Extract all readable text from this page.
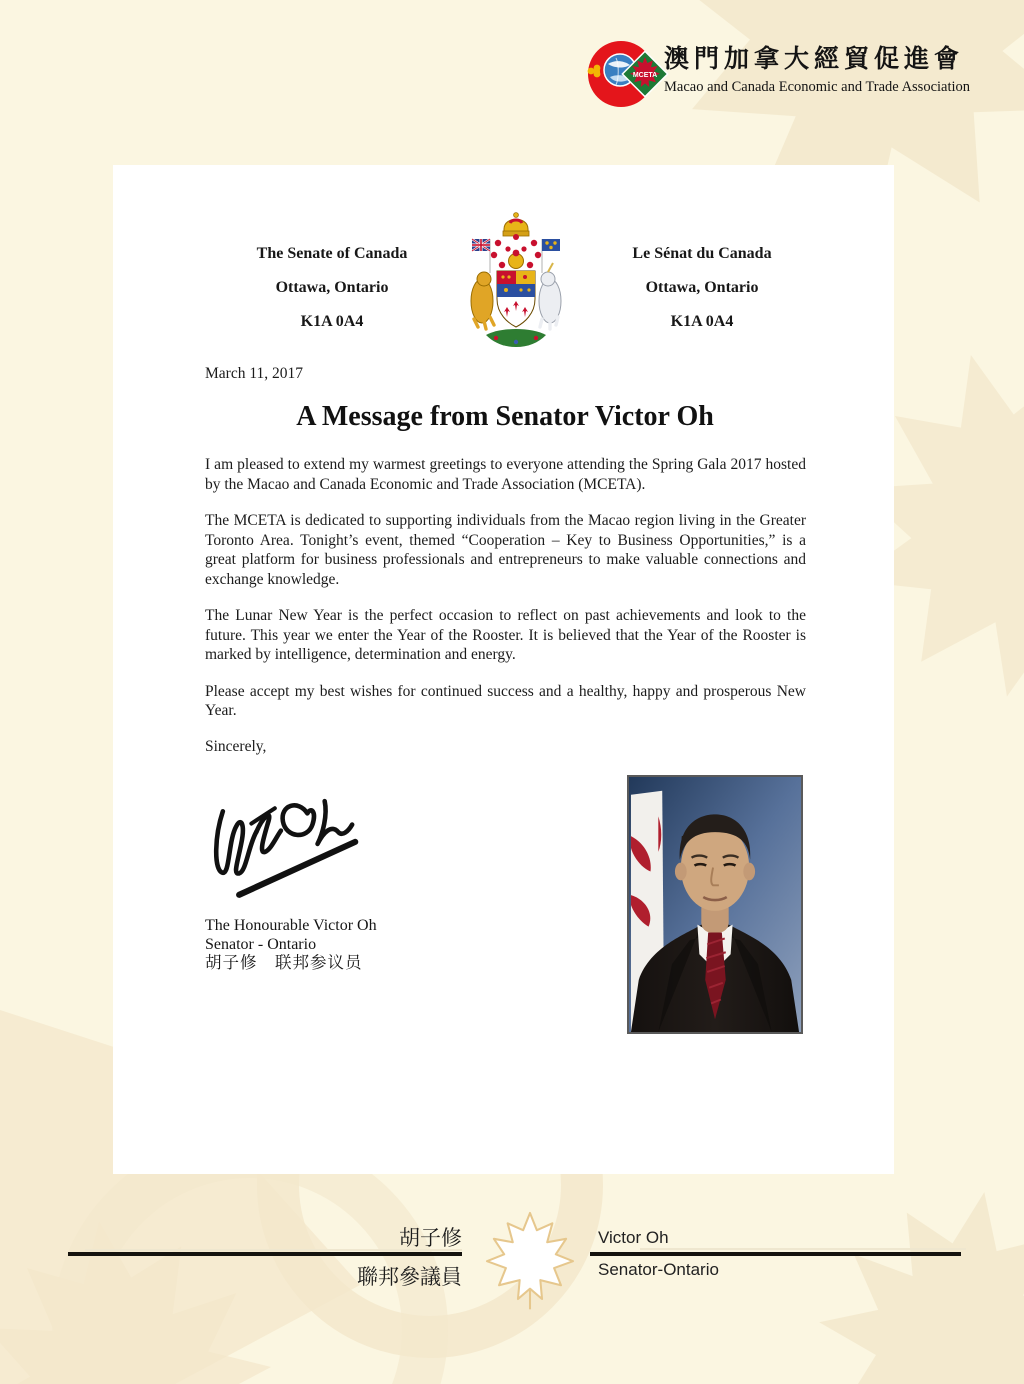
MCETA
澳門加拿大經貿促進會
Macao and Canada Economic and Trade Association
The Senate of Canada
Ottawa, Ontario
K1A 0A4
Le Sénat du Canada
Ottawa, Ontario
K1A 0A4
March 11, 2017
A Message from Senator Victor Oh

I am pleased to extend my warmest greetings to everyone attending the Spring Gala 2017 hosted by the Macao and Canada Economic and Trade Association (MCETA).

The MCETA is dedicated to supporting individuals from the Macao region living in the Greater Toronto Area. Tonight’s event, themed “Cooperation – Key to Business Opportunities,” is a great platform for business professionals and entrepreneurs to make valuable connections and exchange knowledge.

The Lunar New Year is the perfect occasion to reflect on past achievements and look to the future. This year we enter the Year of the Rooster. It is believed that the Year of the Rooster is marked by intelligence, determination and energy.

Please accept my best wishes for continued success and a healthy, happy and prosperous New Year.

Sincerely,
The Honourable Victor Oh
Senator - Ontario
胡子修　联邦参议员
胡子修
聯邦參議員
Victor Oh
Senator-Ontario
